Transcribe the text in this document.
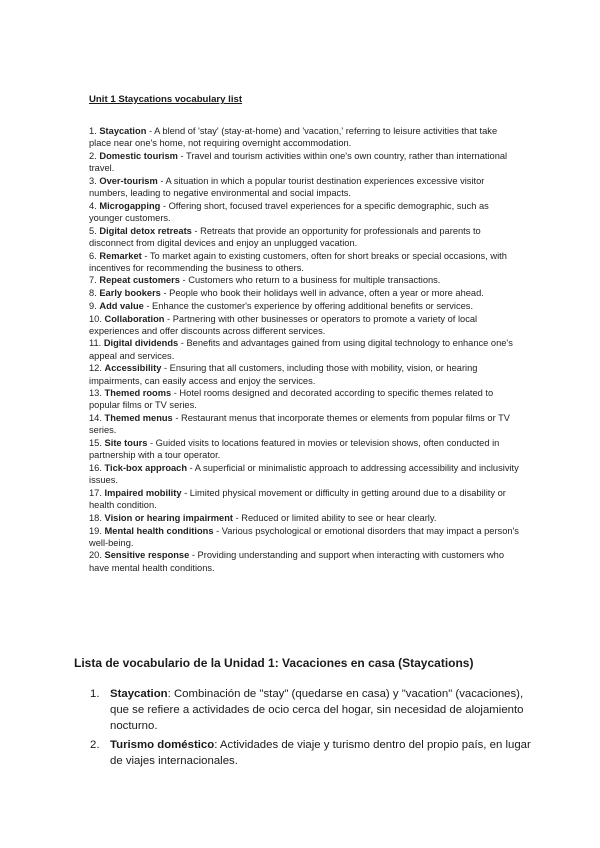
Unit 1 Staycations vocabulary list
1. Staycation - A blend of 'stay' (stay-at-home) and 'vacation,' referring to leisure activities that take place near one's home, not requiring overnight accommodation.
2. Domestic tourism - Travel and tourism activities within one's own country, rather than international travel.
3. Over-tourism - A situation in which a popular tourist destination experiences excessive visitor numbers, leading to negative environmental and social impacts.
4. Microgapping - Offering short, focused travel experiences for a specific demographic, such as younger customers.
5. Digital detox retreats - Retreats that provide an opportunity for professionals and parents to disconnect from digital devices and enjoy an unplugged vacation.
6. Remarket - To market again to existing customers, often for short breaks or special occasions, with incentives for recommending the business to others.
7. Repeat customers - Customers who return to a business for multiple transactions.
8. Early bookers - People who book their holidays well in advance, often a year or more ahead.
9. Add value - Enhance the customer's experience by offering additional benefits or services.
10. Collaboration - Partnering with other businesses or operators to promote a variety of local experiences and offer discounts across different services.
11. Digital dividends - Benefits and advantages gained from using digital technology to enhance one's appeal and services.
12. Accessibility - Ensuring that all customers, including those with mobility, vision, or hearing impairments, can easily access and enjoy the services.
13. Themed rooms - Hotel rooms designed and decorated according to specific themes related to popular films or TV series.
14. Themed menus - Restaurant menus that incorporate themes or elements from popular films or TV series.
15. Site tours - Guided visits to locations featured in movies or television shows, often conducted in partnership with a tour operator.
16. Tick-box approach - A superficial or minimalistic approach to addressing accessibility and inclusivity issues.
17. Impaired mobility - Limited physical movement or difficulty in getting around due to a disability or health condition.
18. Vision or hearing impairment - Reduced or limited ability to see or hear clearly.
19. Mental health conditions - Various psychological or emotional disorders that may impact a person's well-being.
20. Sensitive response - Providing understanding and support when interacting with customers who have mental health conditions.
Lista de vocabulario de la Unidad 1: Vacaciones en casa (Staycations)
1. Staycation: Combinación de "stay" (quedarse en casa) y "vacation" (vacaciones), que se refiere a actividades de ocio cerca del hogar, sin necesidad de alojamiento nocturno.
2. Turismo doméstico: Actividades de viaje y turismo dentro del propio país, en lugar de viajes internacionales.
